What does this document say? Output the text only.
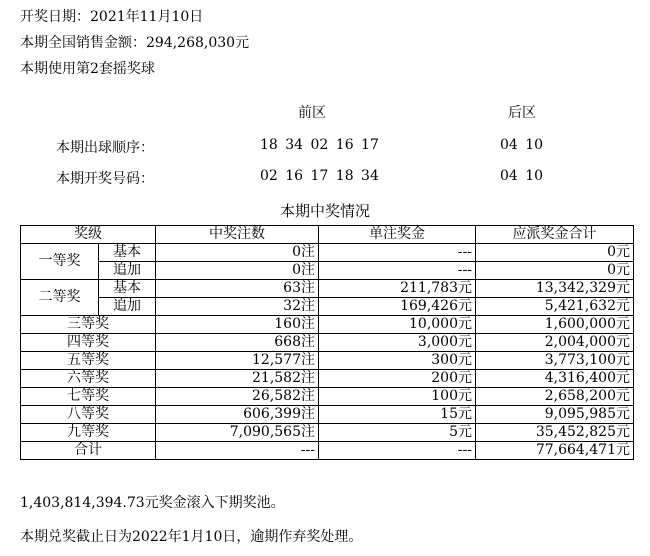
开奖日期：2021年11月10日
本期全国销售金额：294,268,030元
本期使用第2套摇奖球
前区	后区
本期出球顺序：	18 34 02 16 17	04 10
本期开奖号码：	02 16 17 18 34	04 10
本期中奖情况
奖级		中奖注数	单注奖金	应派奖金合计
一等奖	基本	0注	---	0元
	追加	0注	---	0元
二等奖	基本	63注	211,783元	13,342,329元
	追加	32注	169,426元	5,421,632元
三等奖		160注	10,000元	1,600,000元
四等奖		668注	3,000元	2,004,000元
五等奖		12,577注	300元	3,773,100元
六等奖		21,582注	200元	4,316,400元
七等奖		26,582注	100元	2,658,200元
八等奖		606,399注	15元	9,095,985元
九等奖		7,090,565注	5元	35,452,825元
合计		---	---	77,664,471元
1,403,814,394.73元奖金滚入下期奖池。
本期兑奖截止日为2022年1月10日，逾期作弃奖处理。
